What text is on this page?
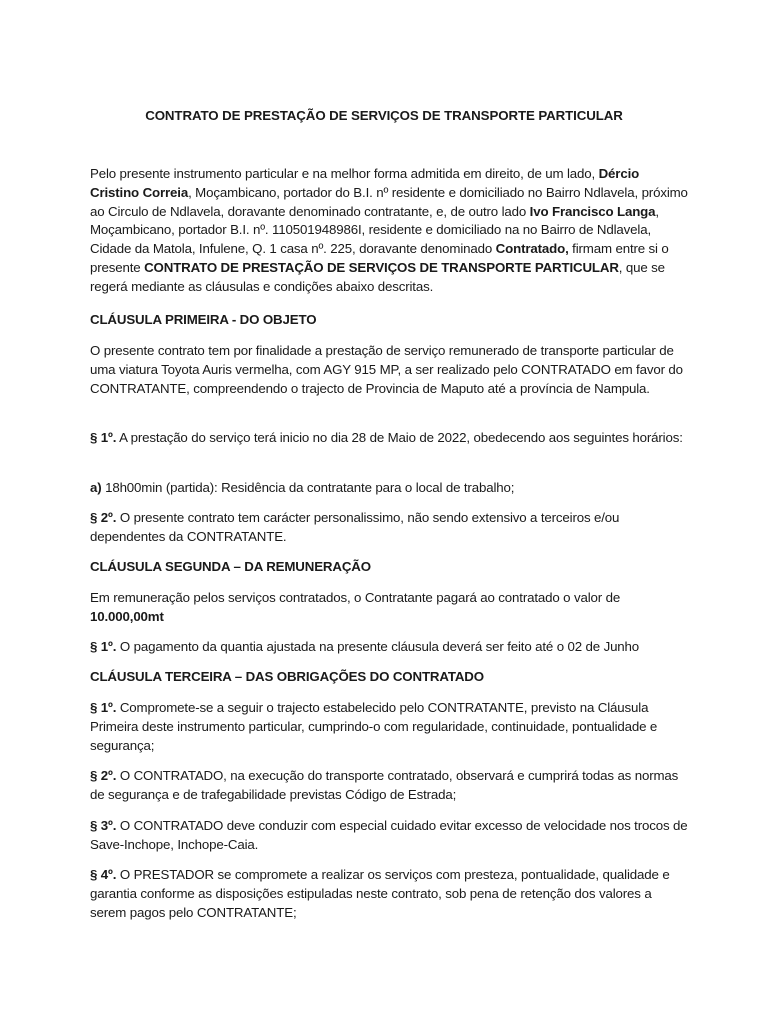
CONTRATO DE PRESTAÇÃO DE SERVIÇOS DE TRANSPORTE PARTICULAR

Pelo presente instrumento particular e na melhor forma admitida em direito, de um lado, Dércio Cristino Correia, Moçambicano, portador do B.I. nº residente e domiciliado no Bairro Ndlavela, próximo ao Circulo de Ndlavela, doravante denominado contratante, e, de outro lado Ivo Francisco Langa, Moçambicano, portador B.I. nº. 110501948986I, residente e domiciliado na no Bairro de Ndlavela, Cidade da Matola, Infulene, Q. 1 casa nº. 225, doravante denominado Contratado, firmam entre si o presente CONTRATO DE PRESTAÇÃO DE SERVIÇOS DE TRANSPORTE PARTICULAR, que se regerá mediante as cláusulas e condições abaixo descritas.

CLÁUSULA PRIMEIRA - DO OBJETO

O presente contrato tem por finalidade a prestação de serviço remunerado de transporte particular de uma viatura Toyota Auris vermelha, com AGY 915 MP, a ser realizado pelo CONTRATADO em favor do CONTRATANTE, compreendendo o trajecto de Provincia de Maputo até a província de Nampula.

§ 1º. A prestação do serviço terá inicio no dia 28 de Maio de 2022, obedecendo aos seguintes horários:

a) 18h00min (partida): Residência da contratante para o local de trabalho;

§ 2º. O presente contrato tem carácter personalissimo, não sendo extensivo a terceiros e/ou dependentes da CONTRATANTE.

CLÁUSULA SEGUNDA – DA REMUNERAÇÃO

Em remuneração pelos serviços contratados, o Contratante pagará ao contratado o valor de 10.000,00mt

§ 1º. O pagamento da quantia ajustada na presente cláusula deverá ser feito até o 02 de Junho

CLÁUSULA TERCEIRA – DAS OBRIGAÇÕES DO CONTRATADO

§ 1º. Compromete-se a seguir o trajecto estabelecido pelo CONTRATANTE, previsto na Cláusula Primeira deste instrumento particular, cumprindo-o com regularidade, continuidade, pontualidade e segurança;

§ 2º. O CONTRATADO, na execução do transporte contratado, observará e cumprirá todas as normas de segurança e de trafegabilidade previstas Código de Estrada;

§ 3º. O CONTRATADO deve conduzir com especial cuidado evitar excesso de velocidade nos trocos de Save-Inchope, Inchope-Caia.

§ 4º. O PRESTADOR se compromete a realizar os serviços com presteza, pontualidade, qualidade e garantia conforme as disposições estipuladas neste contrato, sob pena de retenção dos valores a serem pagos pelo CONTRATANTE;
